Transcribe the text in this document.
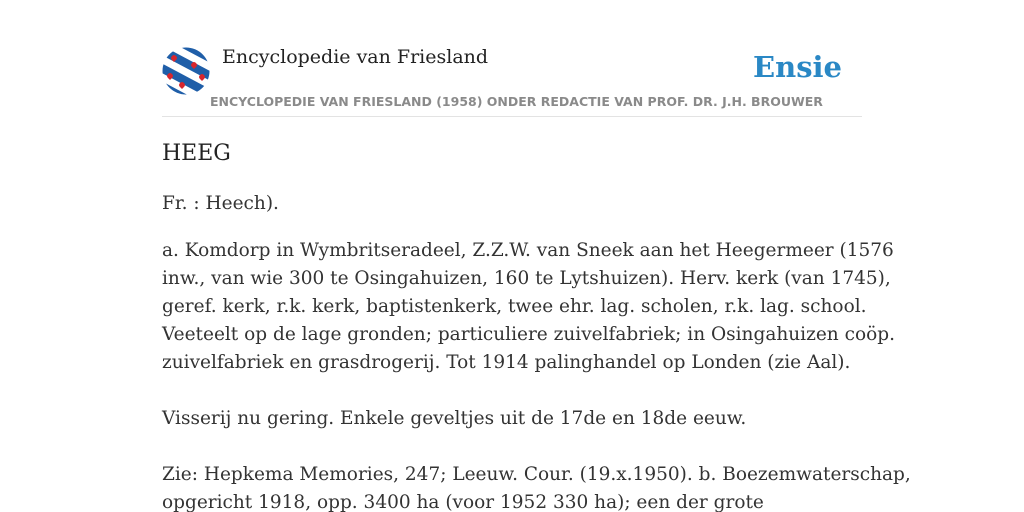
Encyclopedie van Friesland	Ensie
ENCYCLOPEDIE VAN FRIESLAND (1958) ONDER REDACTIE VAN PROF. DR. J.H. BROUWER
HEEG

Fr. : Heech).

a. Komdorp in Wymbritseradeel, Z.Z.W. van Sneek aan het Heegermeer (1576
inw., van wie 300 te Osingahuizen, 160 te Lytshuizen). Herv. kerk (van 1745),
geref. kerk, r.k. kerk, baptistenkerk, twee ehr. lag. scholen, r.k. lag. school.
Veeteelt op de lage gronden; particuliere zuivelfabriek; in Osingahuizen coöp.
zuivelfabriek en grasdrogerij. Tot 1914 palinghandel op Londen (zie Aal).

Visserij nu gering. Enkele geveltjes uit de 17de en 18de eeuw.

Zie: Hepkema Memories, 247; Leeuw. Cour. (19.x.1950). b. Boezemwaterschap,
opgericht 1918, opp. 3400 ha (voor 1952 330 ha); een der grote
